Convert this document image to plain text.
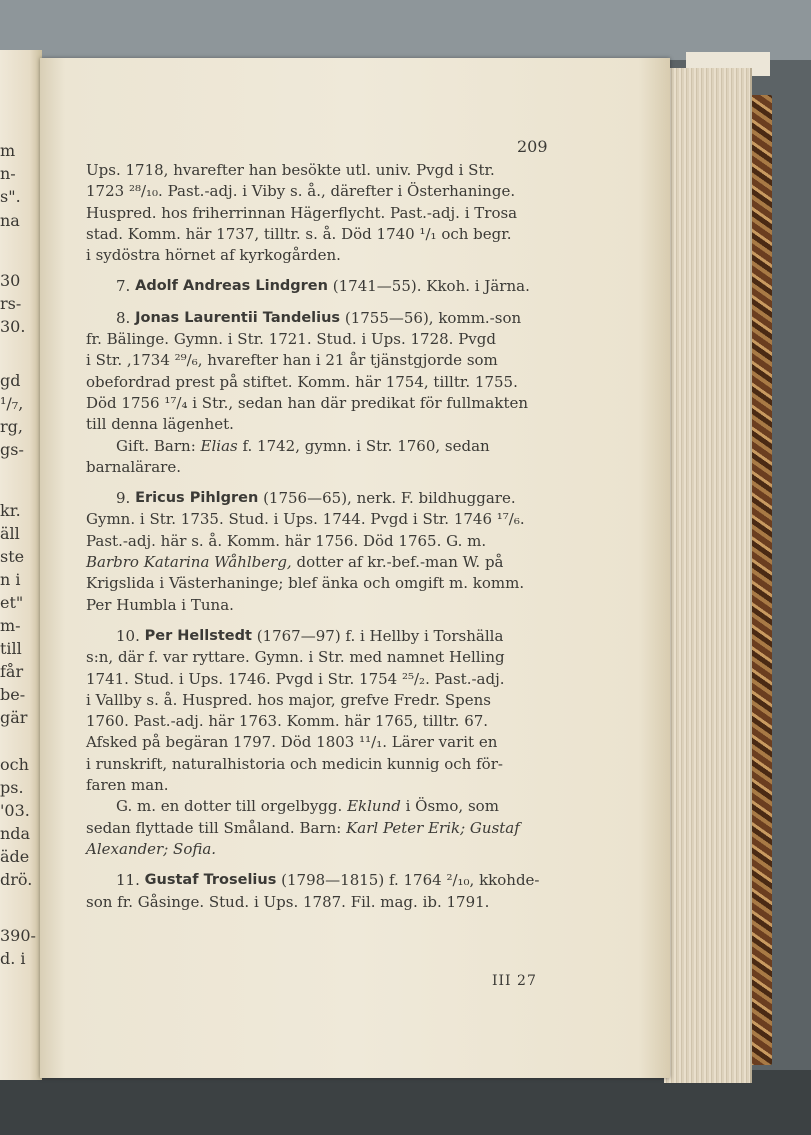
m
n-
s".
na
30
rs-
30.
gd
¹/₇,
rg,
gs-
kr.
äll
ste
n i
et"
m-
till
får
be-
gär
och
ps.
'03.
nda
äde
drö.
390-
d. i
209
Ups. 1718, hvarefter han besökte utl. univ. Pvgd i Str.
1723 ²⁸/₁₀. Past.-adj. i Viby s. å., därefter i Österhaninge.
Huspred. hos friherrinnan Hägerflycht. Past.-adj. i Trosa
stad. Komm. här 1737, tilltr. s. å. Död 1740 ¹/₁ och begr.
i sydöstra hörnet af kyrkogården.
7.
Adolf Andreas Lindgren
(1741—55). Kkoh. i Järna.
8.
Jonas Laurentii Tandelius
(1755—56), komm.-son
fr. Bälinge. Gymn. i Str. 1721. Stud. i Ups. 1728. Pvgd
i Str. ,1734 ²⁹/₆, hvarefter han i 21 år tjänstgjorde som
obefordrad prest på stiftet. Komm. här 1754, tilltr. 1755.
Död 1756 ¹⁷/₄ i Str., sedan han där predikat för fullmakten
till denna lägenhet.
Gift. Barn:
Elias
f. 1742, gymn. i Str. 1760, sedan
barnalärare.
9.
Ericus Pihlgren
(1756—65), nerk. F. bildhuggare.
Gymn. i Str. 1735. Stud. i Ups. 1744. Pvgd i Str. 1746 ¹⁷/₆.
Past.-adj. här s. å. Komm. här 1756. Död 1765. G. m.
Barbro Katarina Wåhlberg,
dotter af kr.-bef.-man W. på
Krigslida i Västerhaninge; blef änka och omgift m. komm.
Per Humbla i Tuna.
10.
Per Hellstedt
(1767—97) f. i Hellby i Torshälla
s:n, där f. var ryttare. Gymn. i Str. med namnet Helling
1741. Stud. i Ups. 1746. Pvgd i Str. 1754 ²⁵/₂. Past.-adj.
i Vallby s. å. Huspred. hos major, grefve Fredr. Spens
1760. Past.-adj. här 1763. Komm. här 1765, tilltr. 67.
Afsked på begäran 1797. Död 1803 ¹¹/₁. Lärer varit en
i runskrift, naturalhistoria och medicin kunnig och för-
faren man.
G. m. en dotter till orgelbygg.
Eklund
i Ösmo, som
sedan flyttade till Småland. Barn:
Karl Peter Erik; Gustaf
Alexander; Sofia.
11.
Gustaf Troselius
(1798—1815) f. 1764 ²/₁₀, kkohde-
son fr. Gåsinge. Stud. i Ups. 1787. Fil. mag. ib. 1791.
III 27
